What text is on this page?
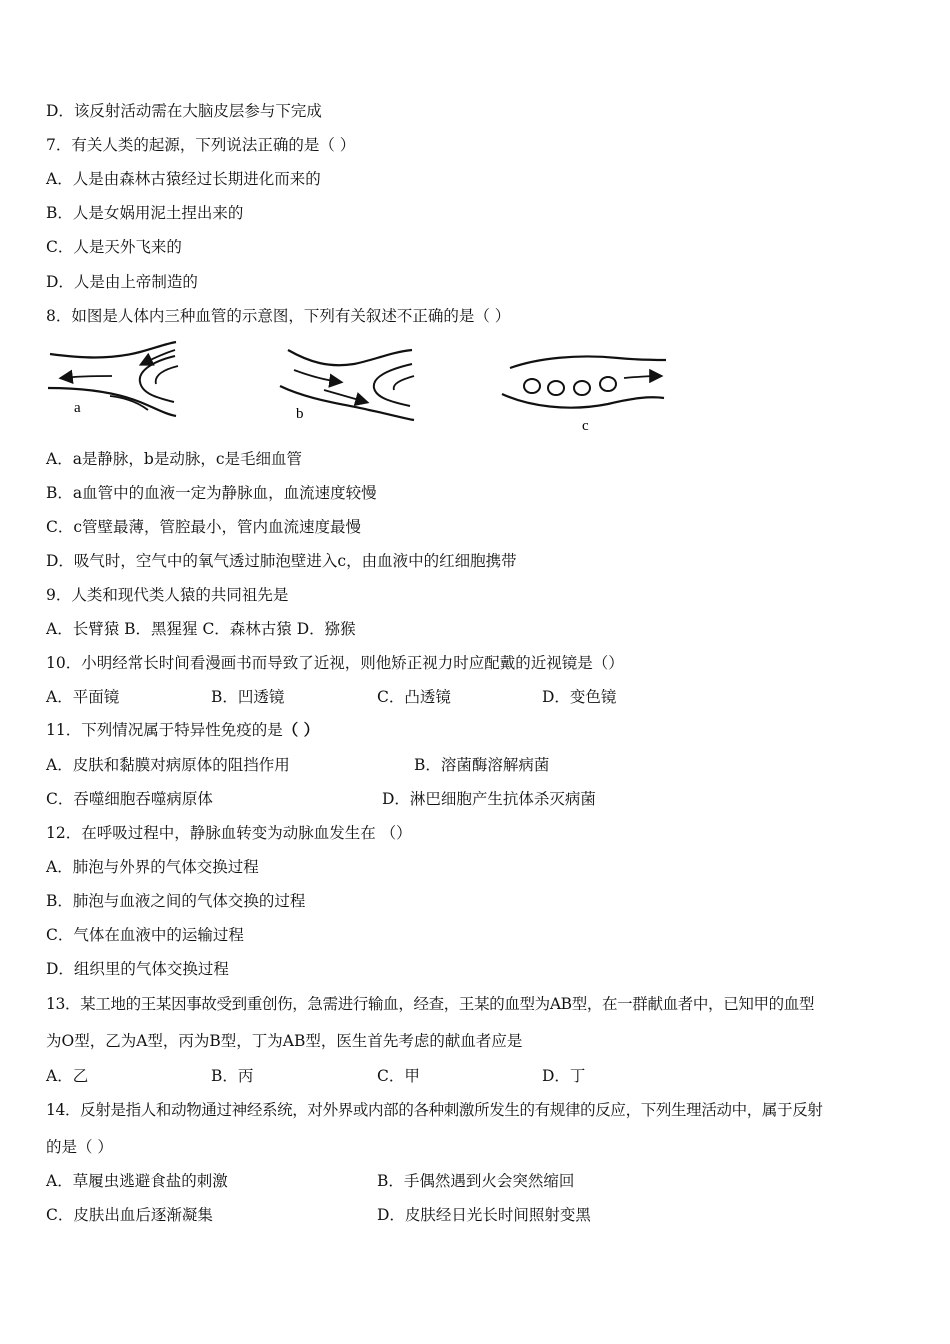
D．该反射活动需在大脑皮层参与下完成
7．有关人类的起源，下列说法正确的是（ ）
A．人是由森林古猿经过长期进化而来的
B．人是女娲用泥土捏出来的
C．人是天外飞来的
D．人是由上帝制造的
8．如图是人体内三种血管的示意图，下列有关叙述不正确的是（ ）
a	b
c
A．a是静脉，b是动脉，c是毛细血管
B．a血管中的血液一定为静脉血，血流速度较慢
C．c管壁最薄，管腔最小，管内血流速度最慢
D．吸气时，空气中的氧气透过肺泡壁进入c，由血液中的红细胞携带
9．人类和现代类人猿的共同祖先是
A．长臂猿 B．黑猩猩 C．森林古猿 D．猕猴
10．小明经常长时间看漫画书而导致了近视，则他矫正视力时应配戴的近视镜是（）
A．平面镜	B．凹透镜	C．凸透镜	D．变色镜
11．下列情况属于特异性免疫的是（ ）
A．皮肤和黏膜对病原体的阻挡作用	B．溶菌酶溶解病菌
C．吞噬细胞吞噬病原体	D．淋巴细胞产生抗体杀灭病菌
12．在呼吸过程中，静脉血转变为动脉血发生在 （）
A．肺泡与外界的气体交换过程
B．肺泡与血液之间的气体交换的过程
C．气体在血液中的运输过程
D．组织里的气体交换过程
13．某工地的王某因事故受到重创伤，急需进行输血，经查，王某的血型为AB型，在一群献血者中，已知甲的血型
为O型，乙为A型，丙为B型，丁为AB型，医生首先考虑的献血者应是
A．乙	B．丙	C．甲	D．丁
14．反射是指人和动物通过神经系统，对外界或内部的各种刺激所发生的有规律的反应，下列生理活动中，属于反射
的是（ ）
A．草履虫逃避食盐的刺激	B．手偶然遇到火会突然缩回
C．皮肤出血后逐渐凝集	D．皮肤经日光长时间照射变黑
